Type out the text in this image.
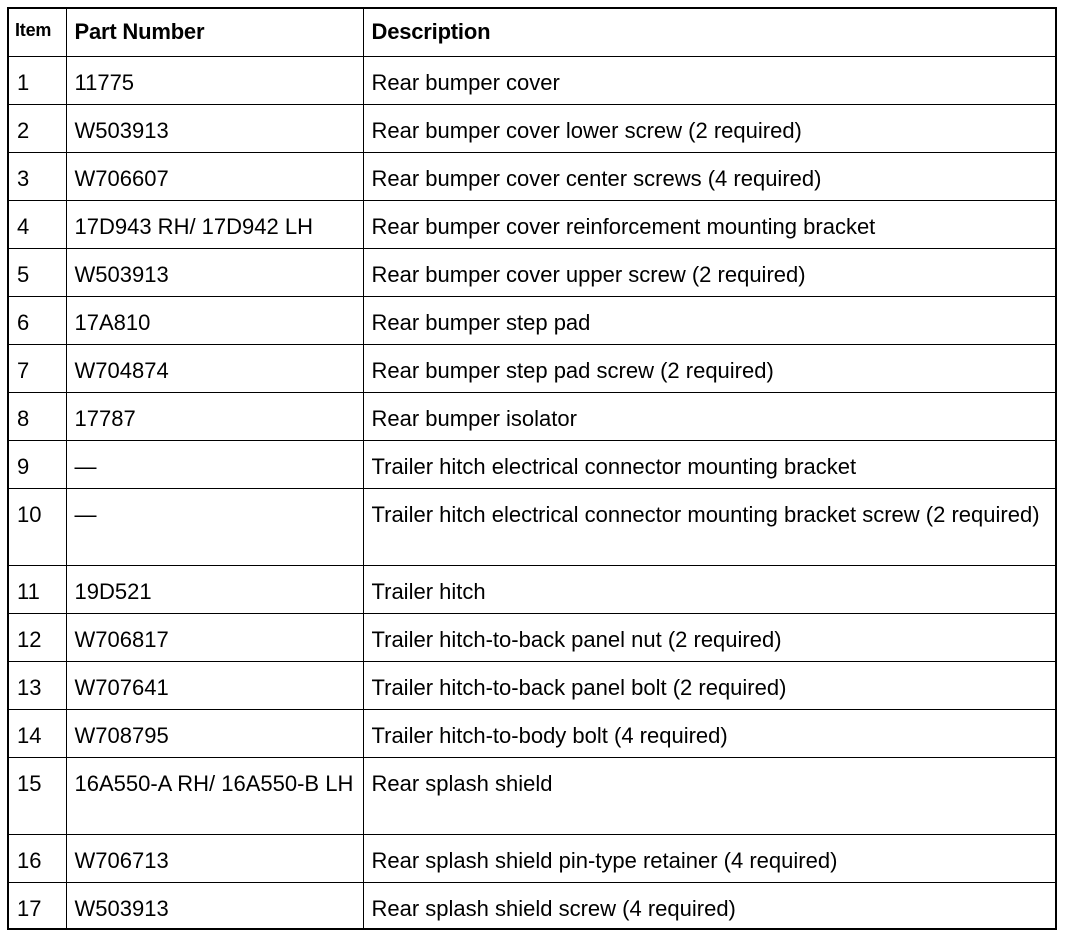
Item	Part Number	Description
1	11775	Rear bumper cover
2	W503913	Rear bumper cover lower screw (2 required)
3	W706607	Rear bumper cover center screws (4 required)
4	17D943 RH/ 17D942 LH	Rear bumper cover reinforcement mounting bracket
5	W503913	Rear bumper cover upper screw (2 required)
6	17A810	Rear bumper step pad
7	W704874	Rear bumper step pad screw (2 required)
8	17787	Rear bumper isolator
9	—	Trailer hitch electrical connector mounting bracket
10	—	Trailer hitch electrical connector mounting bracket screw (2 required)
11	19D521	Trailer hitch
12	W706817	Trailer hitch-to-back panel nut (2 required)
13	W707641	Trailer hitch-to-back panel bolt (2 required)
14	W708795	Trailer hitch-to-body bolt (4 required)
15	16A550-A RH/ 16A550-B LH	Rear splash shield
16	W706713	Rear splash shield pin-type retainer (4 required)
17	W503913	Rear splash shield screw (4 required)
